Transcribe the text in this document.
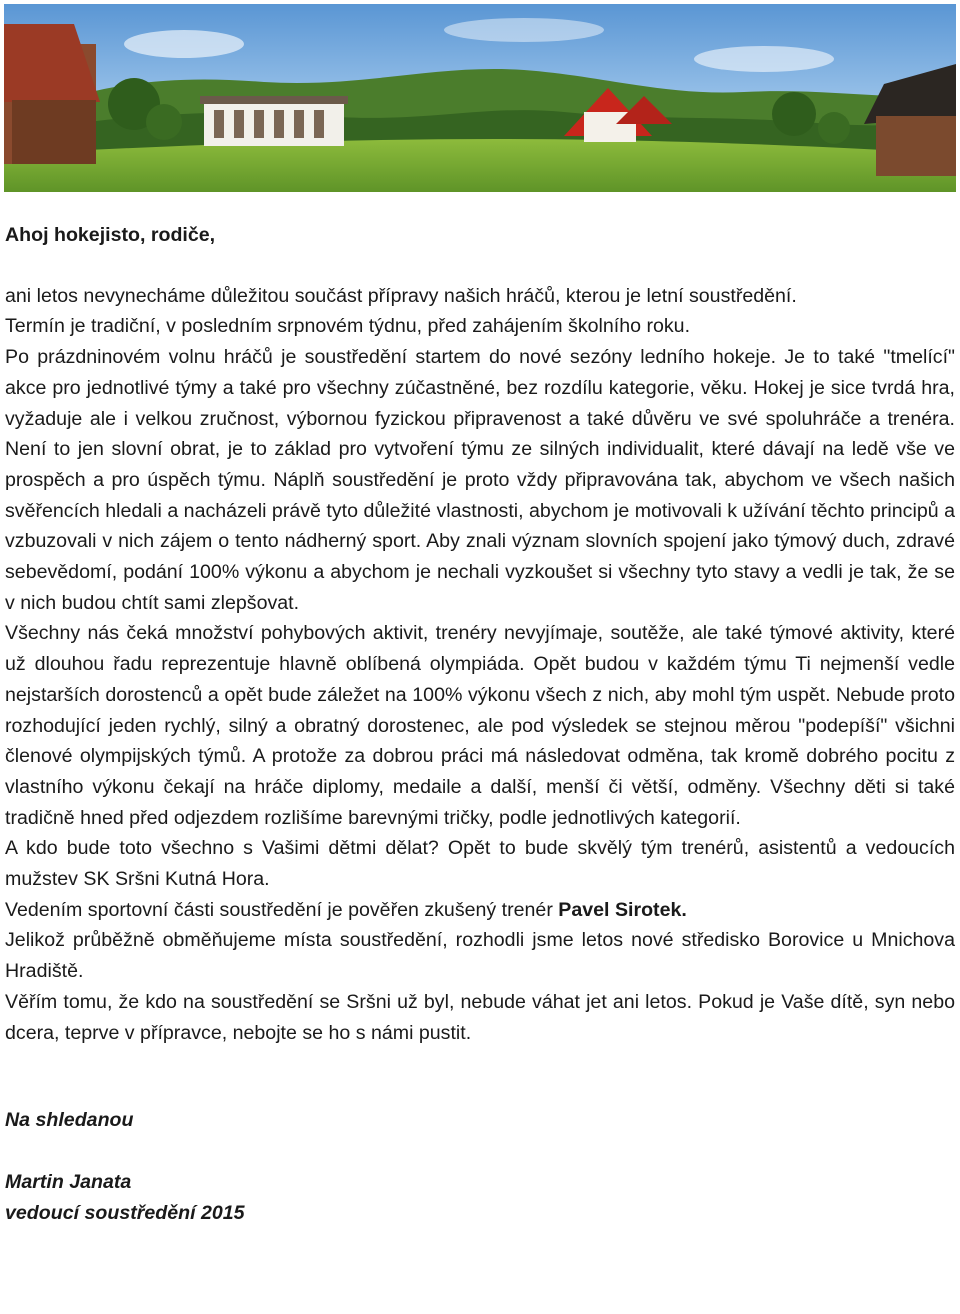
Ahoj hokejisto, rodiče,

ani letos nevynecháme důležitou součást přípravy našich hráčů, kterou je letní soustředění.
Termín je tradiční, v posledním srpnovém týdnu, před zahájením školního roku.
Po prázdninovém volnu hráčů je soustředění startem do nové sezóny ledního hokeje. Je to také "tmelící" akce pro jednotlivé týmy a také pro všechny zúčastněné, bez rozdílu kategorie, věku. Hokej je sice tvrdá hra, vyžaduje ale i velkou zručnost, výbornou fyzickou připravenost a také důvěru ve své spoluhráče a trenéra. Není to jen slovní obrat, je to základ pro vytvoření týmu ze silných individualit, které dávají na ledě vše ve prospěch a pro úspěch týmu. Náplň soustředění je proto vždy připravována tak, abychom ve všech našich svěřencích hledali a nacházeli právě tyto důležité vlastnosti, abychom je motivovali k užívání těchto principů a vzbuzovali v nich zájem o tento nádherný sport. Aby znali význam slovních spojení jako týmový duch, zdravé sebevědomí, podání 100% výkonu a abychom je nechali vyzkoušet si všechny tyto stavy a vedli je tak, že se v nich budou chtít sami zlepšovat.

Všechny nás čeká množství pohybových aktivit, trenéry nevyjímaje, soutěže, ale také týmové aktivity, které už dlouhou řadu reprezentuje hlavně oblíbená olympiáda. Opět budou v každém týmu Ti nejmenší vedle nejstarších dorostenců a opět bude záležet na 100% výkonu všech z nich, aby mohl tým uspět. Nebude proto rozhodující jeden rychlý, silný a obratný dorostenec, ale pod výsledek se stejnou měrou "podepíší" všichni členové olympijských týmů. A protože za dobrou práci má následovat odměna, tak kromě dobrého pocitu z vlastního výkonu čekají na hráče diplomy, medaile a další, menší či větší, odměny. Všechny děti si také tradičně hned před odjezdem rozlišíme barevnými tričky, podle jednotlivých kategorií.

A kdo bude toto všechno s Vašimi dětmi dělat? Opět to bude skvělý tým trenérů, asistentů a vedoucích mužstev SK Sršni Kutná Hora.

Vedením sportovní části soustředění je pověřen zkušený trenér Pavel Sirotek.

Jelikož průběžně obměňujeme místa soustředění, rozhodli jsme letos nové středisko Borovice u Mnichova Hradiště.

Věřím tomu, že kdo na soustředění se Sršni už byl, nebude váhat jet ani letos. Pokud je Vaše dítě, syn nebo dcera, teprve v přípravce, nebojte se ho s námi pustit.

Na shledanou

Martin Janata

vedoucí soustředění 2015
